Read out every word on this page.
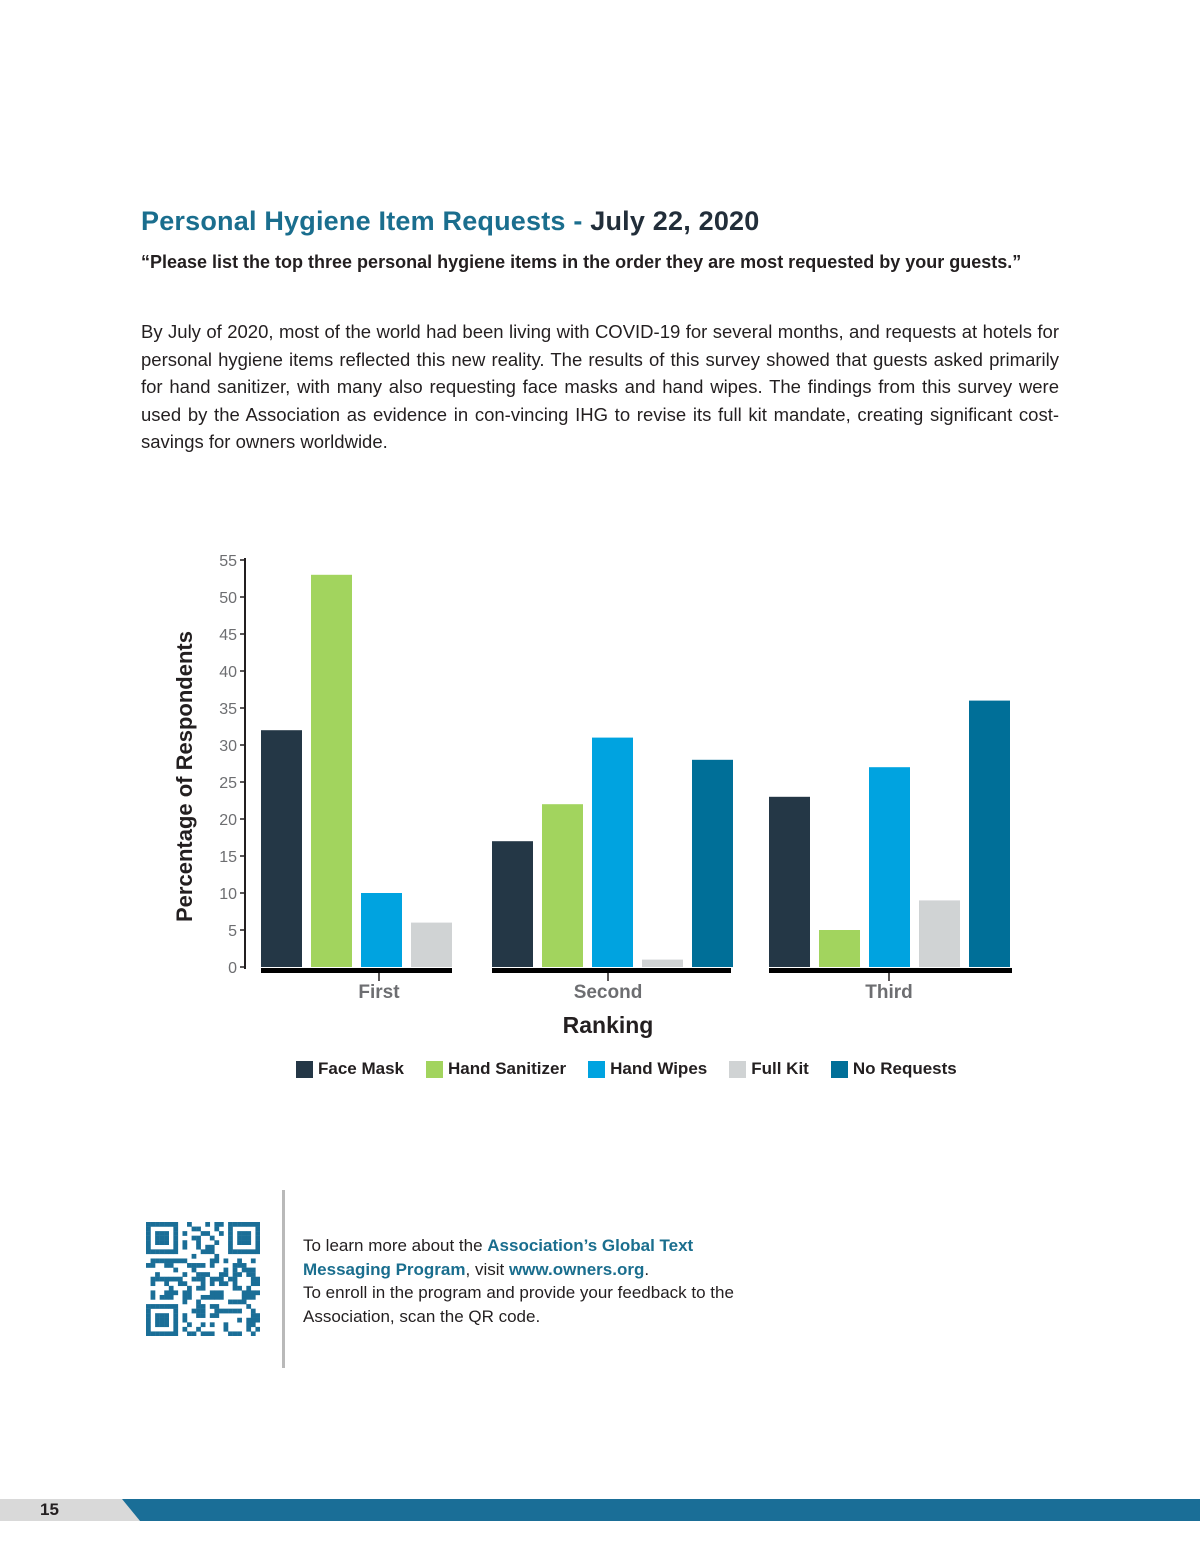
Personal Hygiene Item Requests - July 22, 2020

“Please list the top three personal hygiene items in the order they are most requested by your guests.”

By July of 2020, most of the world had been living with COVID-19 for several months, and requests at hotels for personal hygiene items reflected this new reality. The results of this survey showed that guests asked primarily for hand sanitizer, with many also requesting face masks and hand wipes. The findings from this survey were used by the Association as evidence in con-vincing IHG to revise its full kit mandate, creating significant cost-savings for owners worldwide.

0
5
10
15
20
25
30
35
40
45
50
55
First	Second	Third
Ranking
Percentage of Respondents
Face Mask	Hand Sanitizer	Hand Wipes	Full Kit	No Requests

To learn more about the Association’s Global Text Messaging Program, visit www.owners.org.
To enroll in the program and provide your feedback to the Association, scan the QR code.

15
